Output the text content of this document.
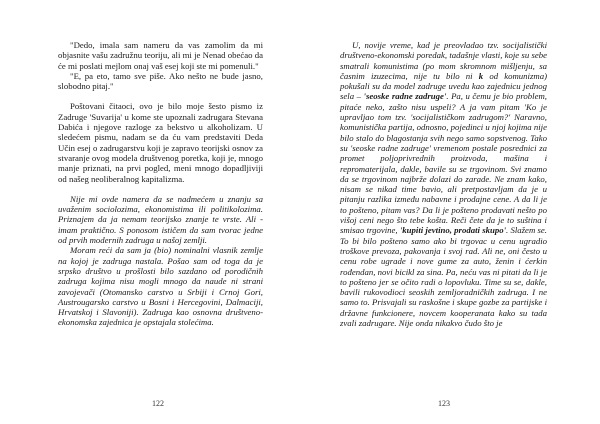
"Dedo, imala sam nameru da vas zamolim da mi objasnite vašu zadružnu teoriju, ali mi je Nenad obećao da će mi poslati mejlom onaj vaš esej koji ste mi pomenuli."

"E, pa eto, tamo sve piše. Ako nešto ne bude jasno, slobodno pitaj."

Poštovani čitaoci, ovo je bilo moje šesto pismo iz Zadruge 'Suvarija' u kome ste upoznali zadrugara Stevana Dabića i njegove razloge za bekstvo u alkoholizam. U sledećem pismu, nadam se da ću vam predstaviti Deda Učin esej o zadrugarstvu koji je zapravo teorijski osnov za stvaranje ovog modela društvenog poretka, koji je, mnogo manje priznati, na prvi pogled, meni mnogo dopadljiviji od našeg neoliberalnog kapitalizma.

Nije mi ovde namera da se nadmećem u znanju sa uvaženim sociolozima, ekonomistima ili politikolozima. Priznajem da ja nemam teorijsko znanje te vrste. Ali - imam praktično. S ponosom ističem da sam tvorac jedne od prvih modernih zadruga u našoj zemlji.

Moram reći da sam ja (bio) nominalni vlasnik zemlje na kojoj je zadruga nastala. Pošao sam od toga da je srpsko društvo u prošlosti bilo sazdano od porodičnih zadruga kojima nisu mogli mnogo da naude ni strani zavojevači (Otomansko carstvo u Srbiji i Crnoj Gori, Austrougarsko carstvo u Bosni i Hercegovini, Dalmaciji, Hrvatskoj i Slavoniji). Zadruga kao osnovna društveno-ekonomska zajednica je opstajala stolećima.

122

U, novije vreme, kad je preovladao tzv. socijalistički društveno-ekonomski poredak, tadašnje vlasti, koje su sebe smatrali komunistima (po mom skromnom mišljenju, sa časnim izuzecima, nije tu bilo ni k od komunizma) pokušali su da model zadruge uvedu kao zajednicu jednog sela – 'seoske radne zadruge'. Pa, u čemu je bio problem, pitaće neko, zašto nisu uspeli? A ja vam pitam 'Ko je upravljao tom tzv. 'socijalističkom zadrugom?' Naravno, komunistička partija, odnosno, pojedinci u njoj kojima nije bilo stalo do blagostanja svih nego samo sopstvenog. Tako su 'seoske radne zadruge' vremenom postale posrednici za promet poljoprivrednih proizvoda, mašina i repromaterijala, dakle, bavile su se trgovinom. Svi znamo da se trgovinom najbrže dolazi do zarade. Ne znam kako, nisam se nikad time bavio, ali pretpostavljam da je u pitanju razlika između nabavne i prodajne cene. A da li je to pošteno, pitam vas? Da li je pošteno prodavati nešto po višoj ceni nego što tebe košta. Reči čete da je to suština i smisao trgovine, 'kupiti jevtino, prodati skupo'. Slažem se. To bi bilo pošteno samo ako bi trgovac u cenu ugradio troškove prevoza, pakovanja i svoj rad. Ali ne, oni često u cenu robe ugrade i nove gume za auto, ženin i ćerkin rođendan, novi bicikl za sina. Pa, neću vas ni pitati da li je to pošteno jer se očito radi o lopovluku. Time su se, dakle, bavili rukovodioci seoskih zemljoradničkih zadruga. I ne samo to. Prisvajali su raskošne i skupe gozbe za partijske i državne funkcionere, novcem kooperanata kako su tada zvali zadrugare. Nije onda nikakvo čudo što je

123
